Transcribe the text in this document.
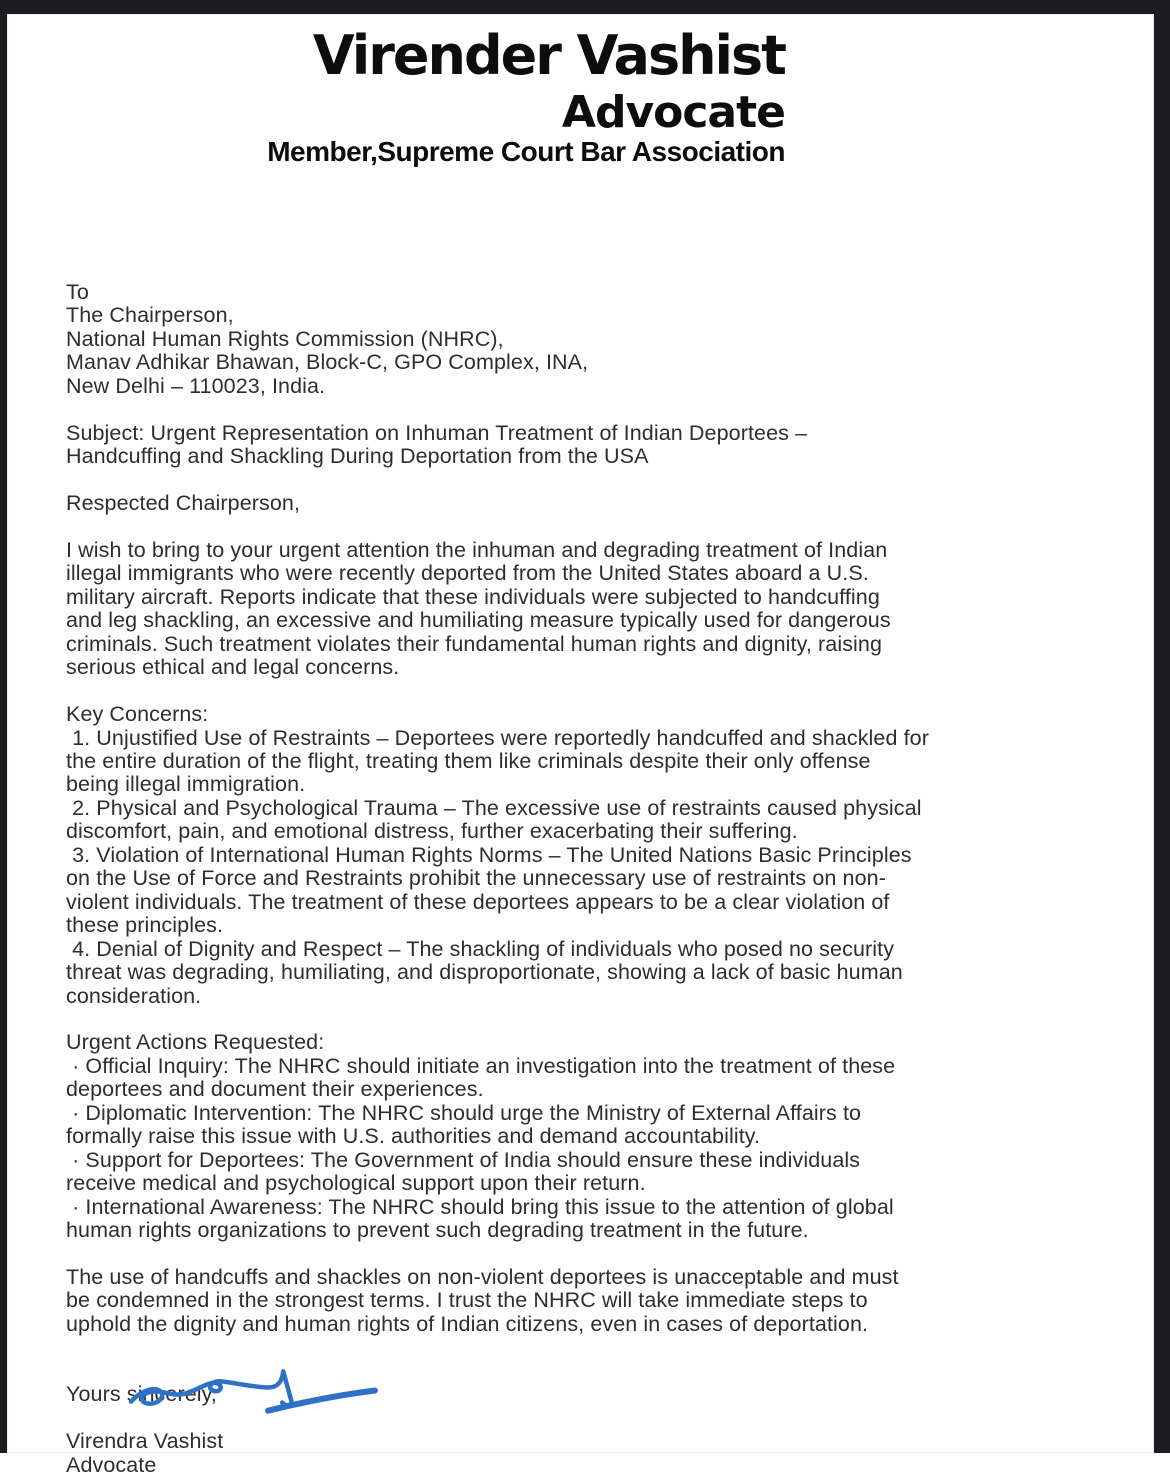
Virender Vashist
Advocate
Member,Supreme Court Bar Association
To
The Chairperson,
National Human Rights Commission (NHRC),
Manav Adhikar Bhawan, Block-C, GPO Complex, INA,
New Delhi – 110023, India.
Subject: Urgent Representation on Inhuman Treatment of Indian Deportees –
Handcuffing and Shackling During Deportation from the USA
Respected Chairperson,
I wish to bring to your urgent attention the inhuman and degrading treatment of Indian
illegal immigrants who were recently deported from the United States aboard a U.S.
military aircraft. Reports indicate that these individuals were subjected to handcuffing
and leg shackling, an excessive and humiliating measure typically used for dangerous
criminals. Such treatment violates their fundamental human rights and dignity, raising
serious ethical and legal concerns.
Key Concerns:
1. Unjustified Use of Restraints – Deportees were reportedly handcuffed and shackled for
the entire duration of the flight, treating them like criminals despite their only offense
being illegal immigration.
2. Physical and Psychological Trauma – The excessive use of restraints caused physical
discomfort, pain, and emotional distress, further exacerbating their suffering.
3. Violation of International Human Rights Norms – The United Nations Basic Principles
on the Use of Force and Restraints prohibit the unnecessary use of restraints on non-
violent individuals. The treatment of these deportees appears to be a clear violation of
these principles.
4. Denial of Dignity and Respect – The shackling of individuals who posed no security
threat was degrading, humiliating, and disproportionate, showing a lack of basic human
consideration.
Urgent Actions Requested:
· Official Inquiry: The NHRC should initiate an investigation into the treatment of these
deportees and document their experiences.
· Diplomatic Intervention: The NHRC should urge the Ministry of External Affairs to
formally raise this issue with U.S. authorities and demand accountability.
· Support for Deportees: The Government of India should ensure these individuals
receive medical and psychological support upon their return.
· International Awareness: The NHRC should bring this issue to the attention of global
human rights organizations to prevent such degrading treatment in the future.
The use of handcuffs and shackles on non-violent deportees is unacceptable and must
be condemned in the strongest terms. I trust the NHRC will take immediate steps to
uphold the dignity and human rights of Indian citizens, even in cases of deportation.

Yours sincerely,
Virendra Vashist
Advocate
